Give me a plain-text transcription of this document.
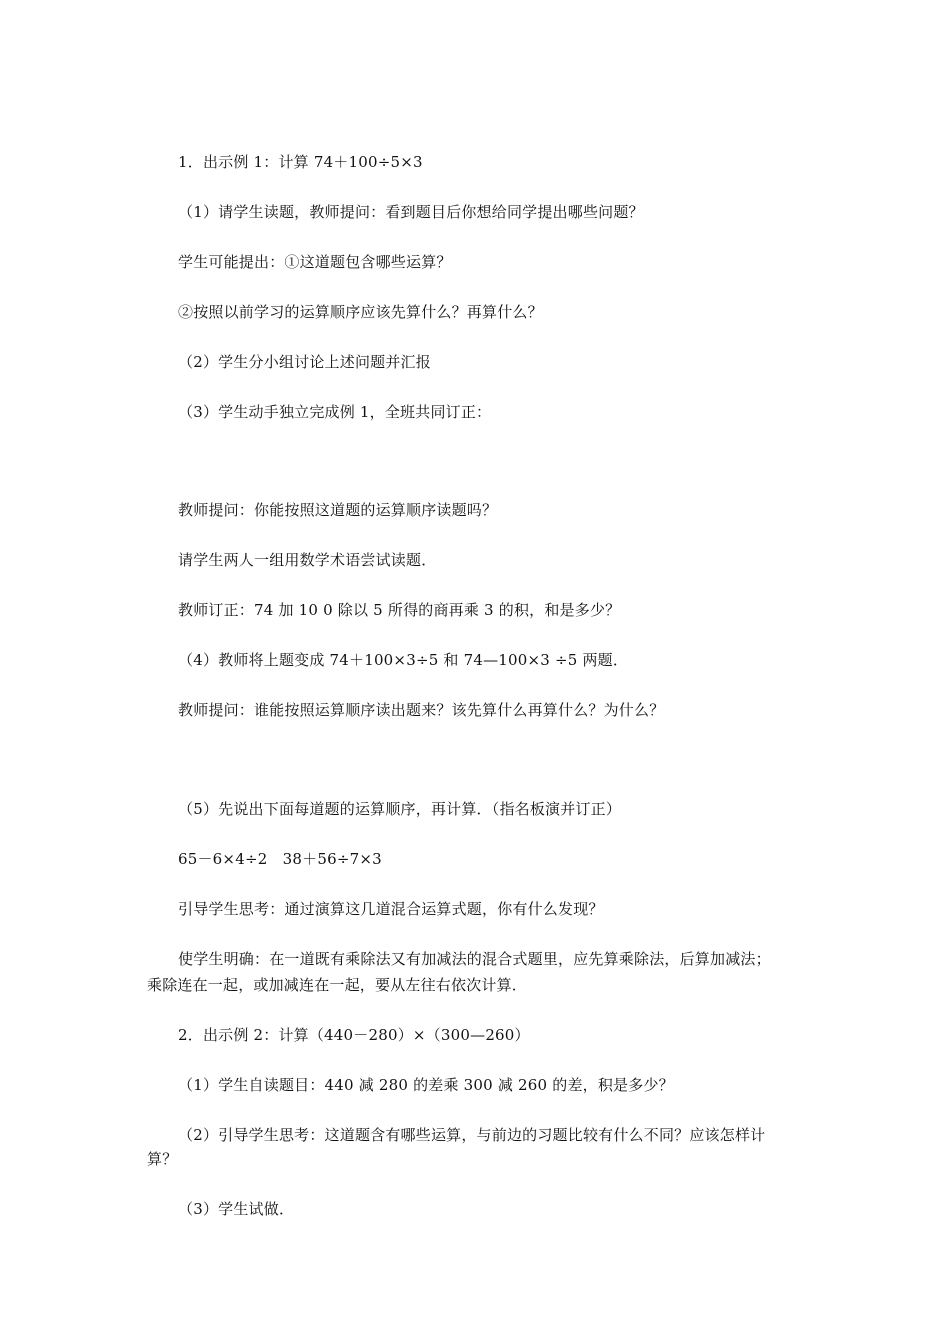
1．出示例 1：计算 74＋100÷5×3
（1）请学生读题，教师提问：看到题目后你想给同学提出哪些问题？
学生可能提出：①这道题包含哪些运算？
②按照以前学习的运算顺序应该先算什么？再算什么？
（2）学生分小组讨论上述问题并汇报
（3）学生动手独立完成例 1，全班共同订正：
教师提问：你能按照这道题的运算顺序读题吗？
请学生两人一组用数学术语尝试读题．
教师订正：74 加 10 0 除以 5 所得的商再乘 3 的积，和是多少？
（4）教师将上题变成 74＋100×3÷5 和 74—100×3 ÷5 两题．
教师提问：谁能按照运算顺序读出题来？该先算什么再算什么？为什么？
（5）先说出下面每道题的运算顺序，再计算．（指名板演并订正）
65－6×4÷2　38＋56÷7×3
引导学生思考：通过演算这几道混合运算式题，你有什么发现？
使学生明确：在一道既有乘除法又有加减法的混合式题里，应先算乘除法，后算加减法；
乘除连在一起，或加减连在一起，要从左往右依次计算．
2．出示例 2：计算（440－280）×（300—260）
（1）学生自读题目：440 减 280 的差乘 300 减 260 的差，积是多少？
（2）引导学生思考：这道题含有哪些运算，与前边的习题比较有什么不同？应该怎样计
算？
（3）学生试做．
